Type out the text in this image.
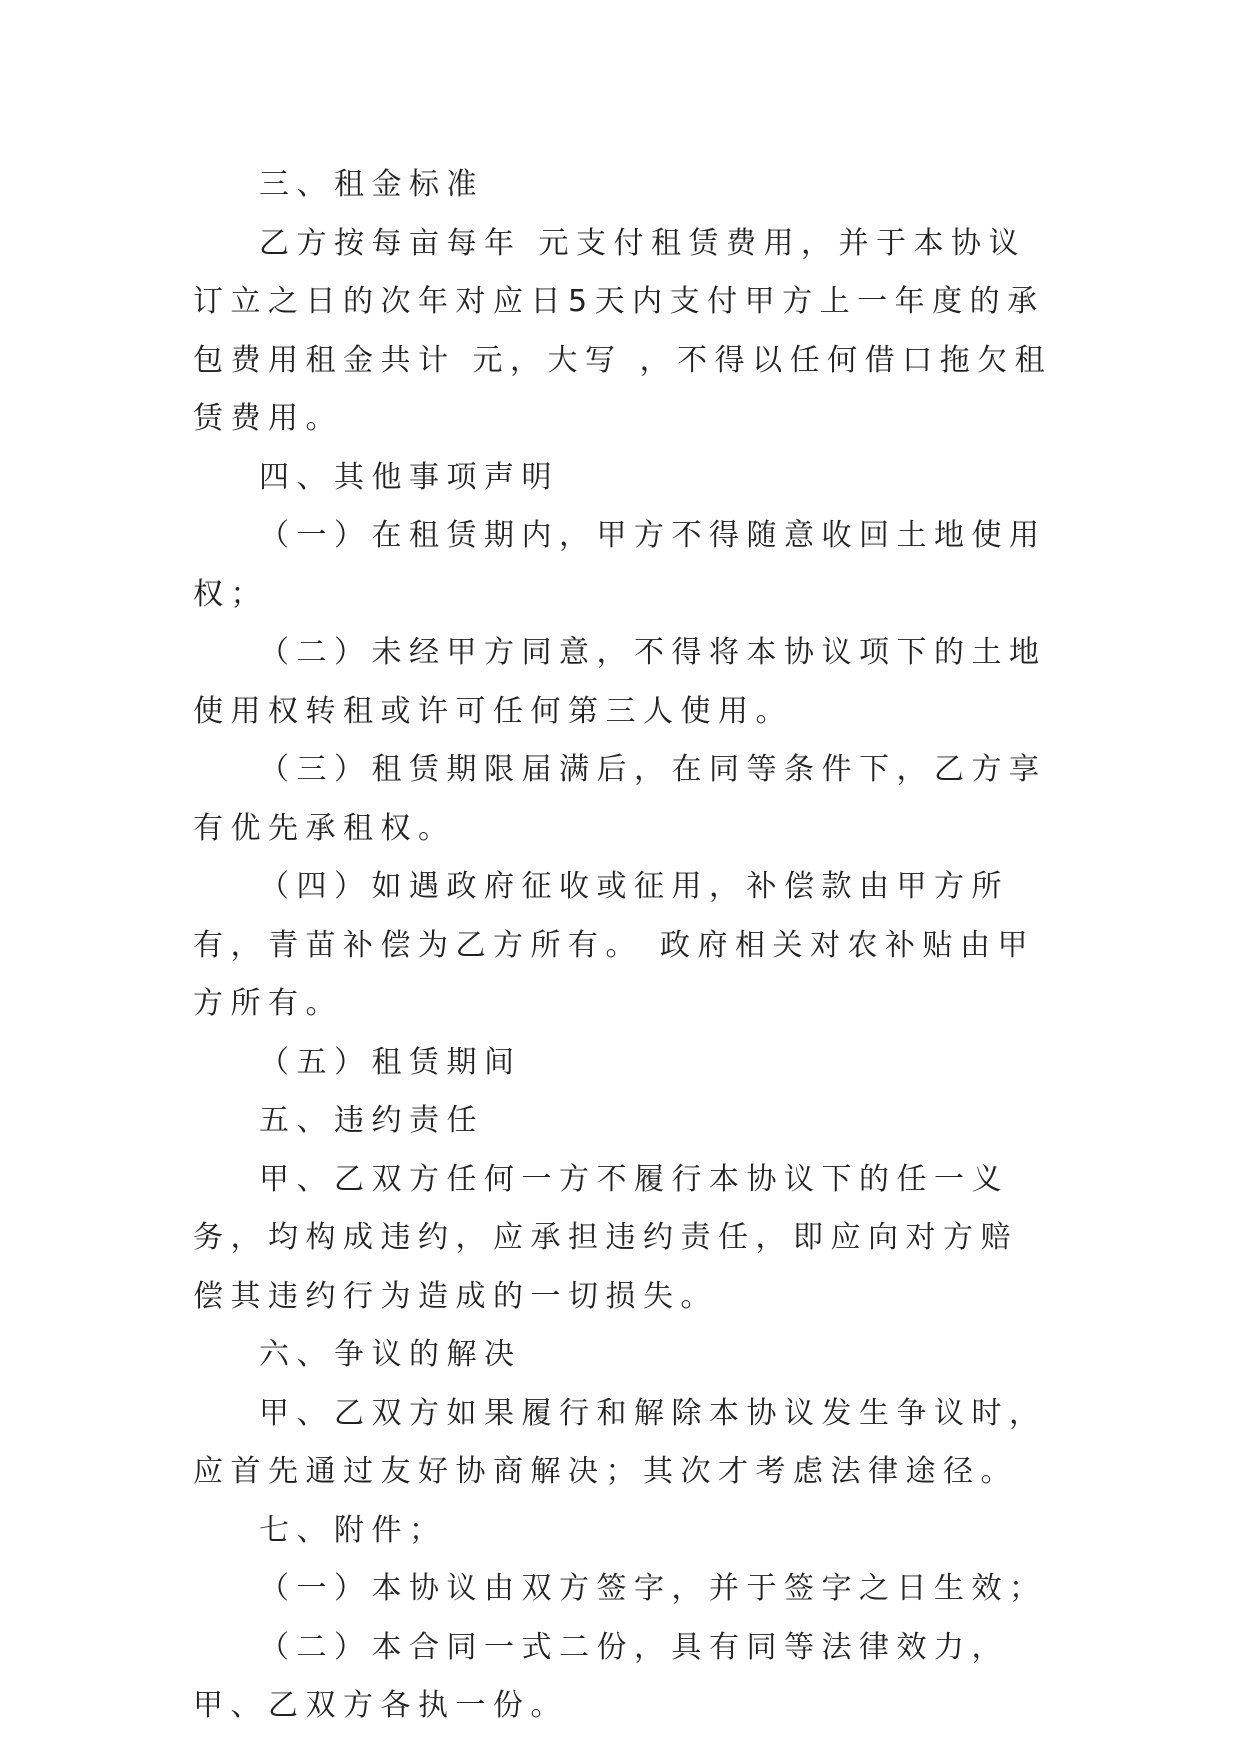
三、租金标准

乙方按每亩每年 元支付租赁费用，并于本协议订立之日的次年对应日5天内支付甲方上一年度的承包费用租金共计 元，大写 ，不得以任何借口拖欠租赁费用。

四、其他事项声明

（一）在租赁期内，甲方不得随意收回土地使用权；

（二）未经甲方同意，不得将本协议项下的土地使用权转租或许可任何第三人使用。

（三）租赁期限届满后，在同等条件下，乙方享有优先承租权。

（四）如遇政府征收或征用，补偿款由甲方所有，青苗补偿为乙方所有。 政府相关对农补贴由甲方所有。

（五）租赁期间

五、违约责任

甲、乙双方任何一方不履行本协议下的任一义务，均构成违约，应承担违约责任，即应向对方赔偿其违约行为造成的一切损失。

六、争议的解决

甲、乙双方如果履行和解除本协议发生争议时，应首先通过友好协商解决；其次才考虑法律途径。

七、附件；

（一）本协议由双方签字，并于签字之日生效；

（二）本合同一式二份，具有同等法律效力，甲、乙双方各执一份。
